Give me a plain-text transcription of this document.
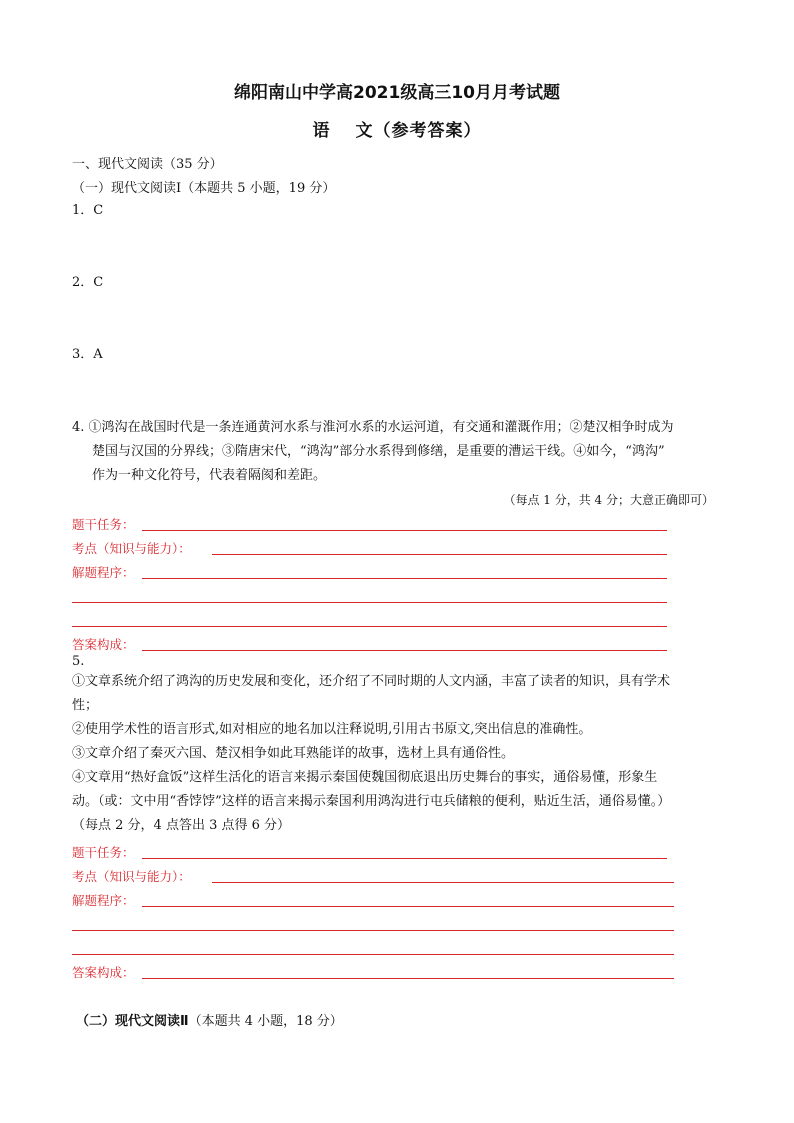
绵阳南山中学高2021级高三10月月考试题
语　 文（参考答案）
一、现代文阅读（35 分）
（一）现代文阅读Ⅰ（本题共 5 小题，19 分）
1．C
2．C
3．A
4. ①鸿沟在战国时代是一条连通黄河水系与淮河水系的水运河道，有交通和灌溉作用；②楚汉相争时成为
楚国与汉国的分界线；③隋唐宋代，“鸿沟”部分水系得到修缮，是重要的漕运干线。④如今，“鸿沟”
作为一种文化符号，代表着隔阂和差距。
（每点 1 分，共 4 分；大意正确即可）
题干任务：
考点（知识与能力）：
解题程序：
答案构成：
5.
①文章系统介绍了鸿沟的历史发展和变化，还介绍了不同时期的人文内涵，丰富了读者的知识，具有学术
性；
②使用学术性的语言形式,如对相应的地名加以注释说明,引用古书原文,突出信息的准确性。
③文章介绍了秦灭六国、楚汉相争如此耳熟能详的故事，选材上具有通俗性。
④文章用“热好盒饭”这样生活化的语言来揭示秦国使魏国彻底退出历史舞台的事实，通俗易懂，形象生
动。（或：文中用“香饽饽”这样的语言来揭示秦国利用鸿沟进行屯兵储粮的便利，贴近生活，通俗易懂。）
（每点 2 分，4 点答出 3 点得 6 分）
题干任务：
考点（知识与能力）：
解题程序：
答案构成：
（二）现代文阅读Ⅱ（本题共 4 小题，18 分）
